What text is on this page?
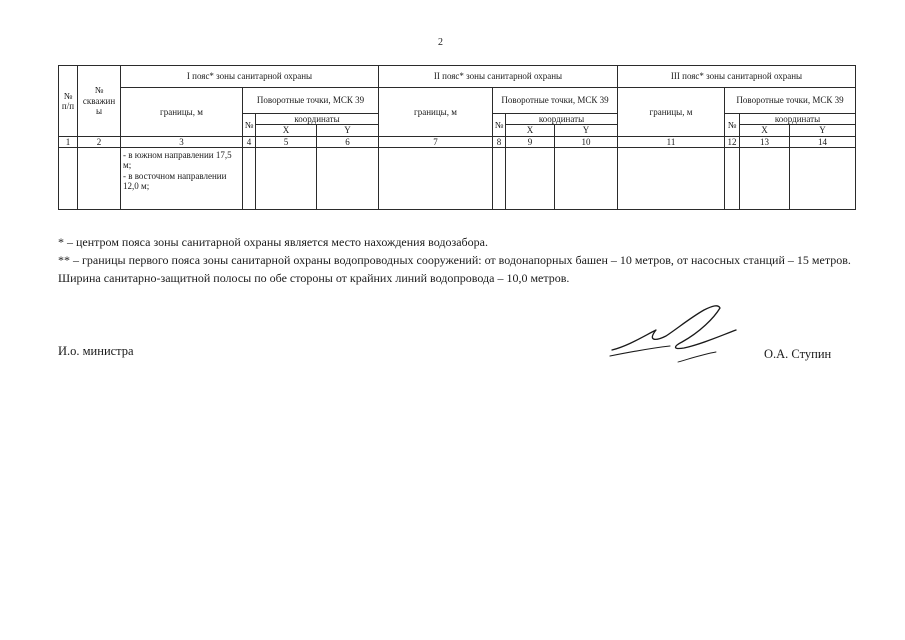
2
№ п/п	№ скважин ы	I пояс* зоны санитарной охраны				II пояс* зоны санитарной охраны				III пояс* зоны санитарной охраны			
		границы, м	Поворотные точки, МСК 39			границы, м	Поворотные точки, МСК 39			границы, м	Поворотные точки, МСК 39		
			№	координаты			№	координаты			№	координаты	
				X	Y			X	Y			X	Y
1	2	3	4	5	6	7	8	9	10	11	12	13	14

		- в южном направлении 17,5 м;
- в восточном направлении 12,0 м;											

* – центром пояса зоны санитарной охраны является место нахождения водозабора.

** – границы первого пояса зоны санитарной охраны водопроводных сооружений: от водонапорных башен – 10 метров, от насосных станций – 15 метров.

Ширина санитарно-защитной полосы по обе стороны от крайних линий водопровода – 10,0 метров.

И.о. министра	О.А. Ступин
